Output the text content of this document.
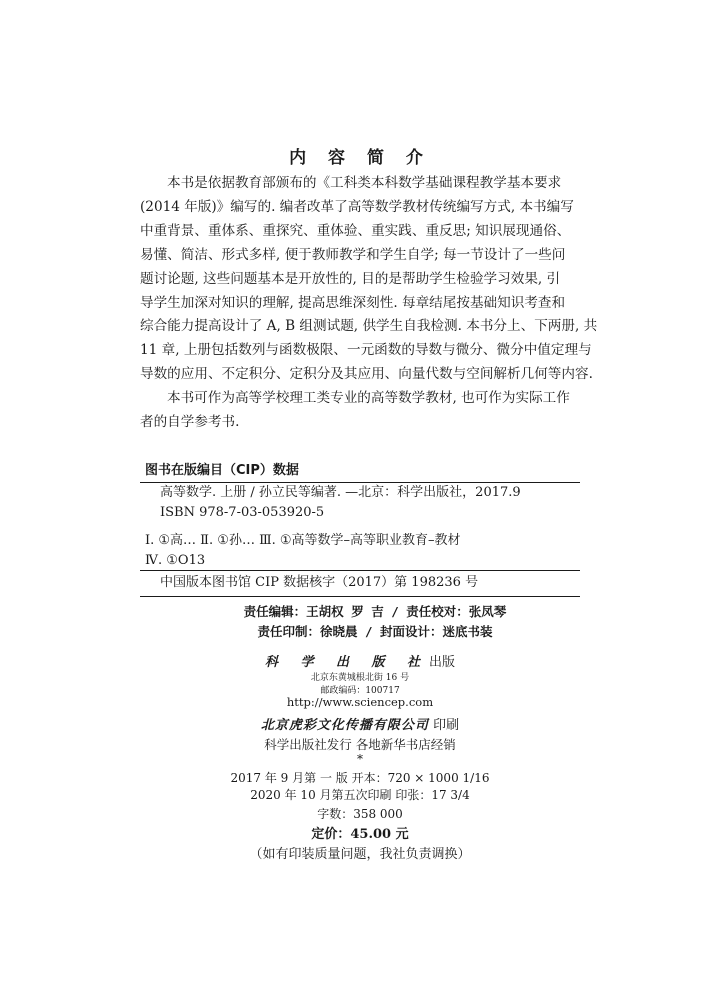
内 容 简 介
本书是依据教育部颁布的《工科类本科数学基础课程教学基本要求
(2014 年版)》编写的. 编者改革了高等数学教材传统编写方式, 本书编写
中重背景、重体系、重探究、重体验、重实践、重反思; 知识展现通俗、
易懂、简洁、形式多样, 便于教师教学和学生自学; 每一节设计了一些问
题讨论题, 这些问题基本是开放性的, 目的是帮助学生检验学习效果, 引
导学生加深对知识的理解, 提高思维深刻性. 每章结尾按基础知识考查和
综合能力提高设计了 A, B 组测试题, 供学生自我检测. 本书分上、下两册, 共
11 章, 上册包括数列与函数极限、一元函数的导数与微分、微分中值定理与
导数的应用、不定积分、定积分及其应用、向量代数与空间解析几何等内容.
本书可作为高等学校理工类专业的高等数学教材, 也可作为实际工作
者的自学参考书.
图书在版编目（CIP）数据
高等数学. 上册 / 孙立民等编著. —北京：科学出版社，2017.9
ISBN 978-7-03-053920-5
Ⅰ. ①高… Ⅱ. ①孙… Ⅲ. ①高等数学–高等职业教育–教材
Ⅳ. ①O13
中国版本图书馆 CIP 数据核字（2017）第 198236 号
责任编辑：王胡权 罗 吉 / 责任校对：张凤琴
责任印制：徐晓晨 / 封面设计：迷底书装
科 学 出 版 社出版
北京东黄城根北街 16 号
邮政编码：100717
http://www.sciencep.com
北京虎彩文化传播有限公司 印刷
科学出版社发行 各地新华书店经销
*
2017 年 9 月第 一 版 开本：720 × 1000 1/16
2020 年 10 月第五次印刷 印张：17 3/4
字数：358 000
定价：45.00 元
（如有印装质量问题，我社负责调换）
